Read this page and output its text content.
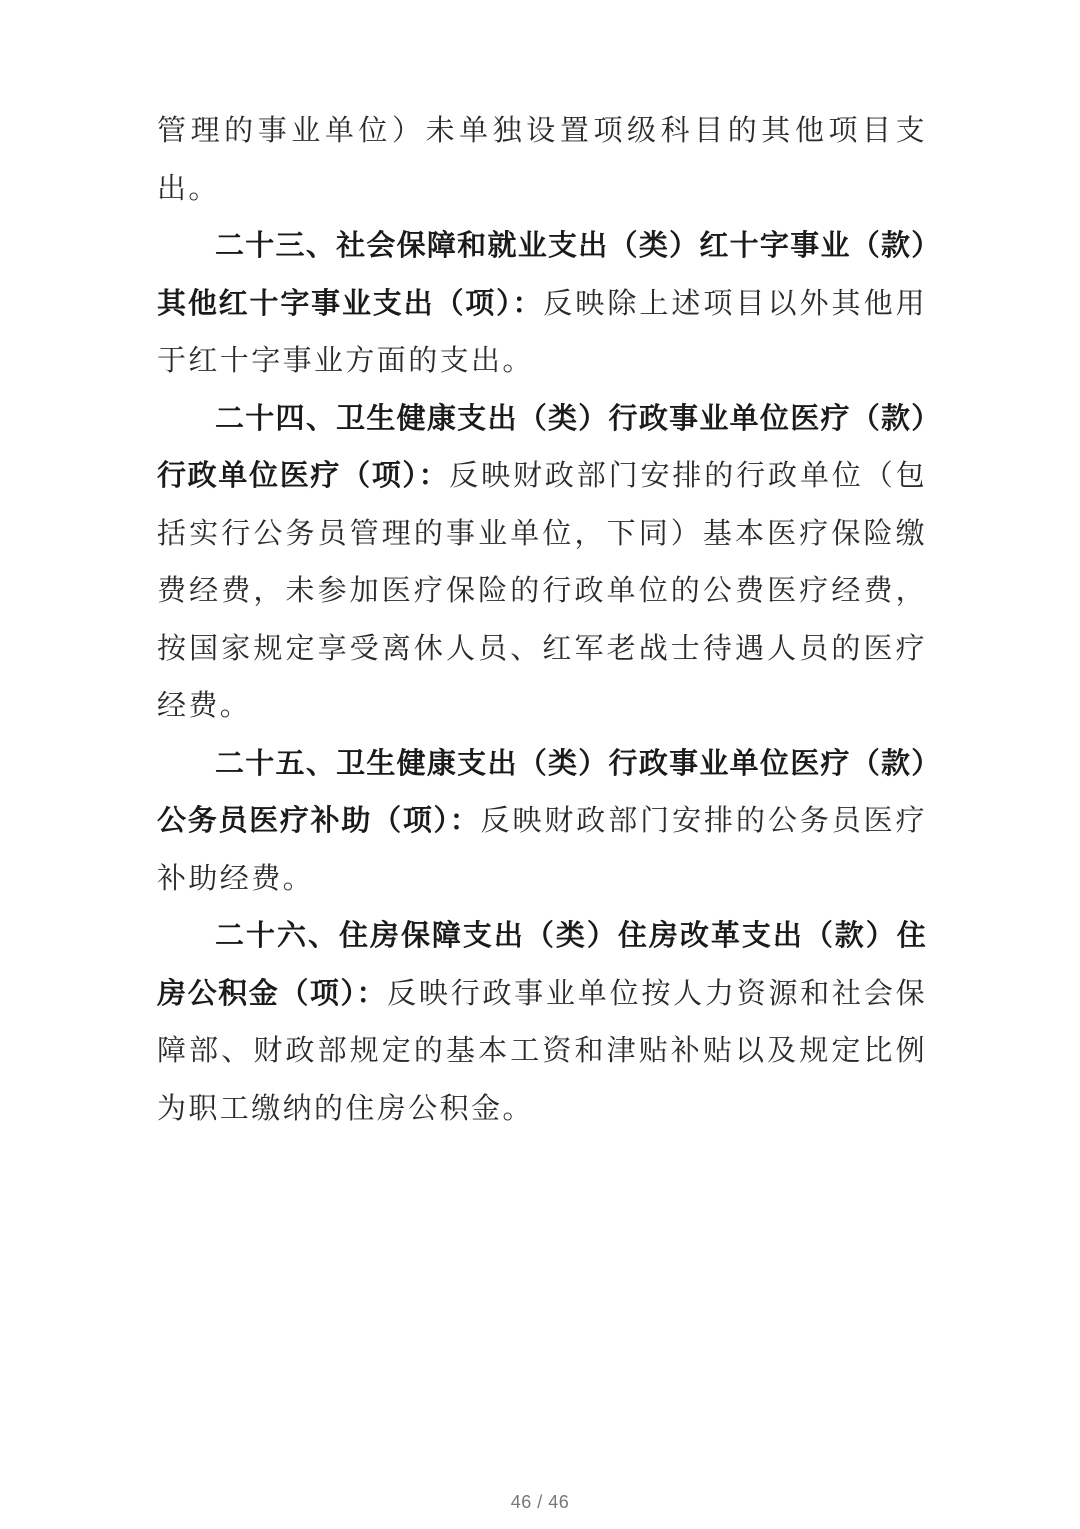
管理的事业单位）未单独设置项级科目的其他项目支出。

二十三、社会保障和就业支出（类）红十字事业（款）其他红十字事业支出（项）：反映除上述项目以外其他用于红十字事业方面的支出。

二十四、卫生健康支出（类）行政事业单位医疗（款）行政单位医疗（项）：反映财政部门安排的行政单位（包括实行公务员管理的事业单位，下同）基本医疗保险缴费经费，未参加医疗保险的行政单位的公费医疗经费，按国家规定享受离休人员、红军老战士待遇人员的医疗经费。

二十五、卫生健康支出（类）行政事业单位医疗（款）公务员医疗补助（项）：反映财政部门安排的公务员医疗补助经费。

二十六、住房保障支出（类）住房改革支出（款）住房公积金（项）：反映行政事业单位按人力资源和社会保障部、财政部规定的基本工资和津贴补贴以及规定比例为职工缴纳的住房公积金。

46 / 46
